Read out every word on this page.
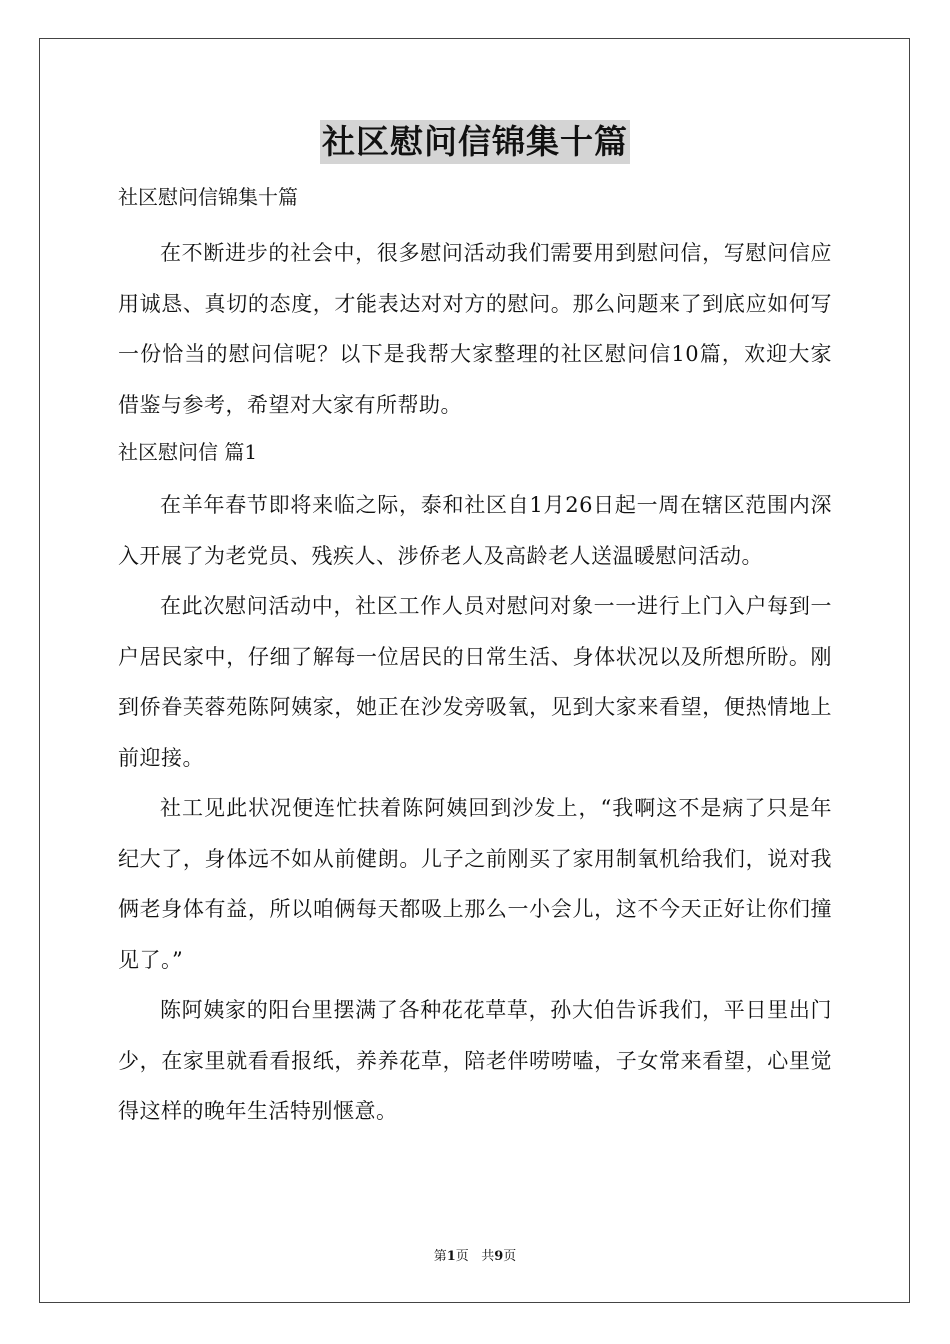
社区慰问信锦集十篇

社区慰问信锦集十篇

在不断进步的社会中，很多慰问活动我们需要用到慰问信，写慰问信应用诚恳、真切的态度，才能表达对对方的慰问。那么问题来了到底应如何写一份恰当的慰问信呢？以下是我帮大家整理的社区慰问信10篇，欢迎大家借鉴与参考，希望对大家有所帮助。

社区慰问信 篇1

在羊年春节即将来临之际，泰和社区自1月26日起一周在辖区范围内深入开展了为老党员、残疾人、涉侨老人及高龄老人送温暖慰问活动。

在此次慰问活动中，社区工作人员对慰问对象一一进行上门入户每到一户居民家中，仔细了解每一位居民的日常生活、身体状况以及所想所盼。刚到侨眷芙蓉苑陈阿姨家，她正在沙发旁吸氧，见到大家来看望，便热情地上前迎接。

社工见此状况便连忙扶着陈阿姨回到沙发上，“我啊这不是病了只是年纪大了，身体远不如从前健朗。儿子之前刚买了家用制氧机给我们，说对我俩老身体有益，所以咱俩每天都吸上那么一小会儿，这不今天正好让你们撞见了。”

陈阿姨家的阳台里摆满了各种花花草草，孙大伯告诉我们，平日里出门少，在家里就看看报纸，养养花草，陪老伴唠唠嗑，子女常来看望，心里觉得这样的晚年生活特别惬意。

第1页 共9页
